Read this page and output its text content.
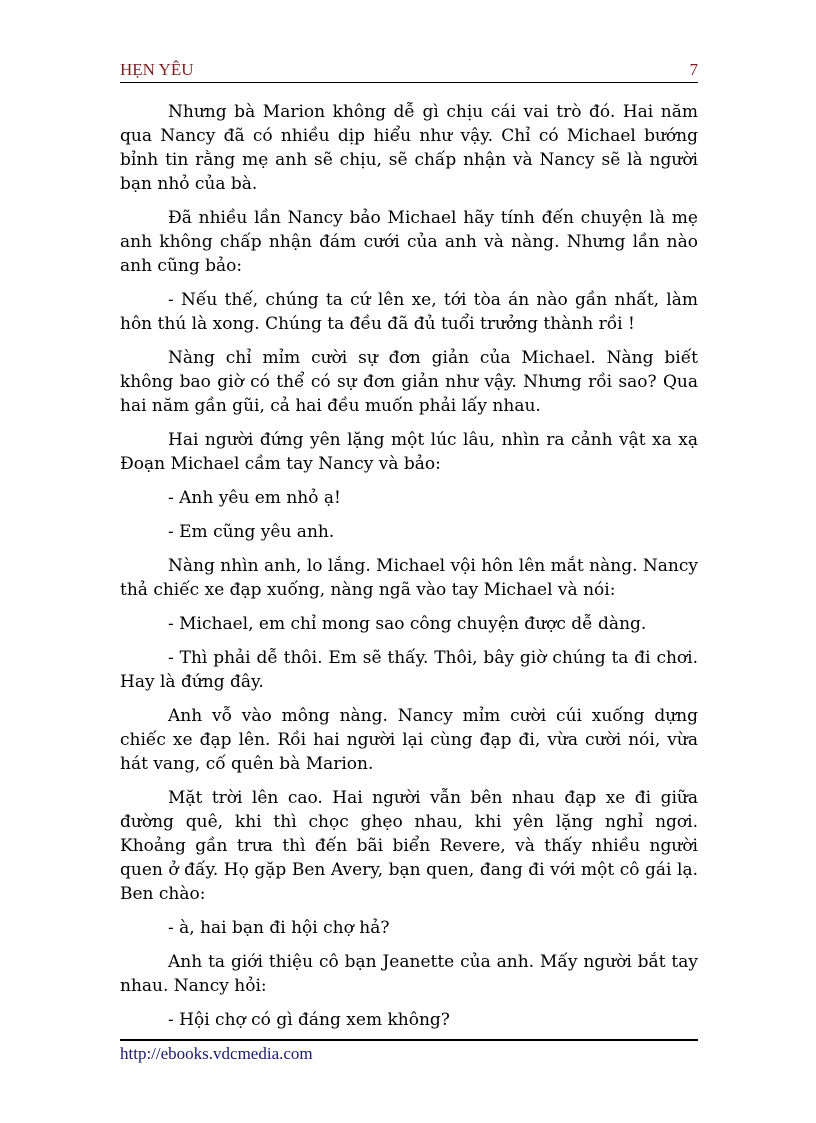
HẸN YÊU	7

Nhưng bà Marion không dễ gì chịu cái vai trò đó. Hai năm qua Nancy đã có nhiều dịp hiểu như vậy. Chỉ có Michael bướng bỉnh tin rằng mẹ anh sẽ chịu, sẽ chấp nhận và Nancy sẽ là người bạn nhỏ của bà.

Đã nhiều lần Nancy bảo Michael hãy tính đến chuyện là mẹ anh không chấp nhận đám cưới của anh và nàng. Nhưng lần nào anh cũng bảo:

- Nếu thế, chúng ta cứ lên xe, tới tòa án nào gần nhất, làm hôn thú là xong. Chúng ta đều đã đủ tuổi trưởng thành rồi !

Nàng chỉ mỉm cười sự đơn giản của Michael. Nàng biết không bao giờ có thể có sự đơn giản như vậy. Nhưng rồi sao? Qua hai năm gần gũi, cả hai đều muốn phải lấy nhau.

Hai người đứng yên lặng một lúc lâu, nhìn ra cảnh vật xa xạ Đoạn Michael cầm tay Nancy và bảo:

- Anh yêu em nhỏ ạ!

- Em cũng yêu anh.

Nàng nhìn anh, lo lắng. Michael vội hôn lên mắt nàng. Nancy thả chiếc xe đạp xuống, nàng ngã vào tay Michael và nói:

- Michael, em chỉ mong sao công chuyện được dễ dàng.

- Thì phải dễ thôi. Em sẽ thấy. Thôi, bây giờ chúng ta đi chơi. Hay là đứng đây.

Anh vỗ vào mông nàng. Nancy mỉm cười cúi xuống dựng chiếc xe đạp lên. Rồi hai người lại cùng đạp đi, vừa cười nói, vừa hát vang, cố quên bà Marion.

Mặt trời lên cao. Hai người vẫn bên nhau đạp xe đi giữa đường quê, khi thì chọc ghẹo nhau, khi yên lặng nghỉ ngơi. Khoảng gần trưa thì đến bãi biển Revere, và thấy nhiều người quen ở đấy. Họ gặp Ben Avery, bạn quen, đang đi với một cô gái lạ. Ben chào:

- à, hai bạn đi hội chợ hả?

Anh ta giới thiệu cô bạn Jeanette của anh. Mấy người bắt tay nhau. Nancy hỏi:

- Hội chợ có gì đáng xem không?

http://ebooks.vdcmedia.com
